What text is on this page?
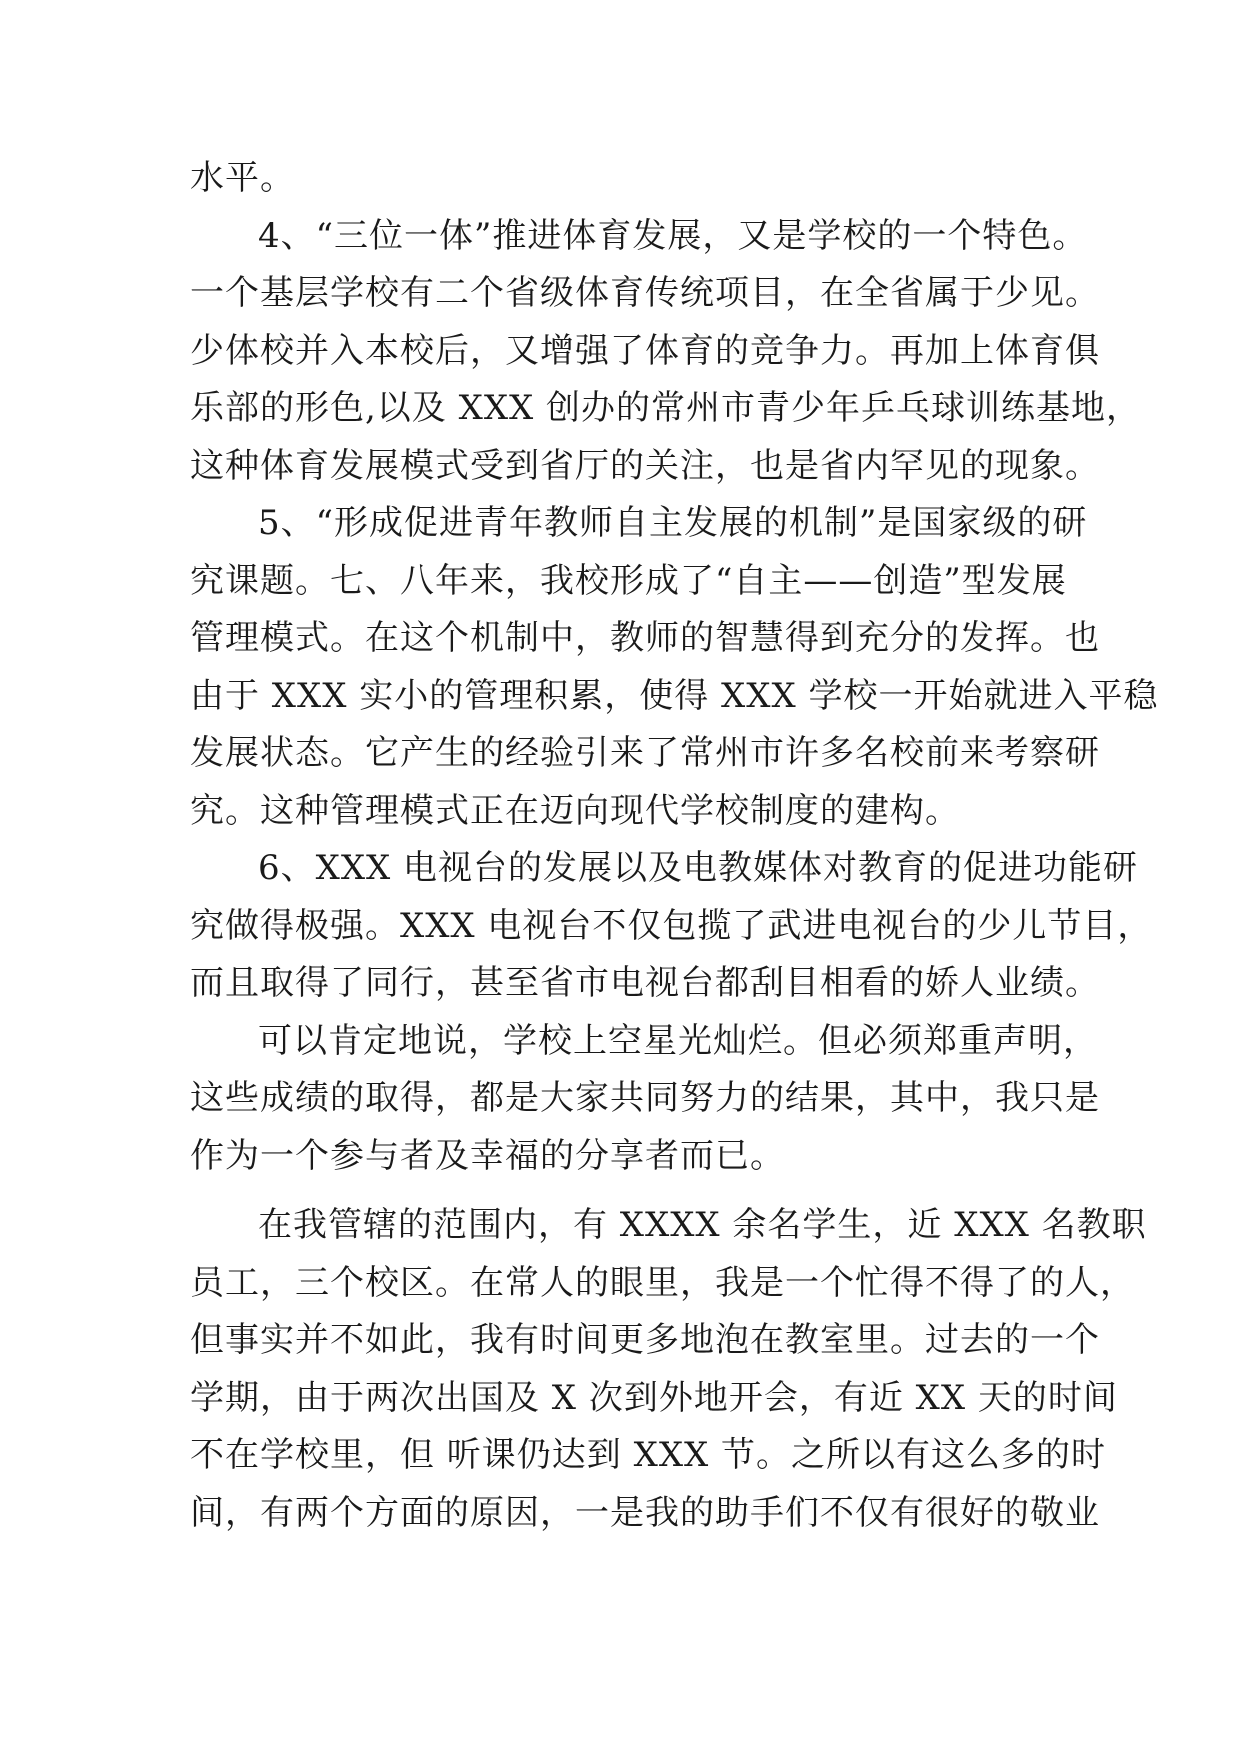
水平。
4、“三位一体”推进体育发展，又是学校的一个特色。
一个基层学校有二个省级体育传统项目，在全省属于少见。
少体校并入本校后，又增强了体育的竞争力。再加上体育俱
乐部的形色,以及 XXX 创办的常州市青少年乒乓球训练基地，
这种体育发展模式受到省厅的关注，也是省内罕见的现象。
5、“形成促进青年教师自主发展的机制”是国家级的研
究课题。七、八年来，我校形成了“自主——创造”型发展
管理模式。在这个机制中，教师的智慧得到充分的发挥。也
由于 XXX 实小的管理积累，使得 XXX 学校一开始就进入平稳
发展状态。它产生的经验引来了常州市许多名校前来考察研
究。这种管理模式正在迈向现代学校制度的建构。
6、XXX 电视台的发展以及电教媒体对教育的促进功能研
究做得极强。XXX 电视台不仅包揽了武进电视台的少儿节目，
而且取得了同行，甚至省市电视台都刮目相看的娇人业绩。
可以肯定地说，学校上空星光灿烂。但必须郑重声明，
这些成绩的取得，都是大家共同努力的结果，其中，我只是
作为一个参与者及幸福的分享者而已。
在我管辖的范围内，有 XXXX 余名学生，近 XXX 名教职
员工，三个校区。在常人的眼里，我是一个忙得不得了的人，
但事实并不如此，我有时间更多地泡在教室里。过去的一个
学期，由于两次出国及 X 次到外地开会，有近 XX 天的时间
不在学校里，但 听课仍达到 XXX 节。之所以有这么多的时
间，有两个方面的原因，一是我的助手们不仅有很好的敬业
